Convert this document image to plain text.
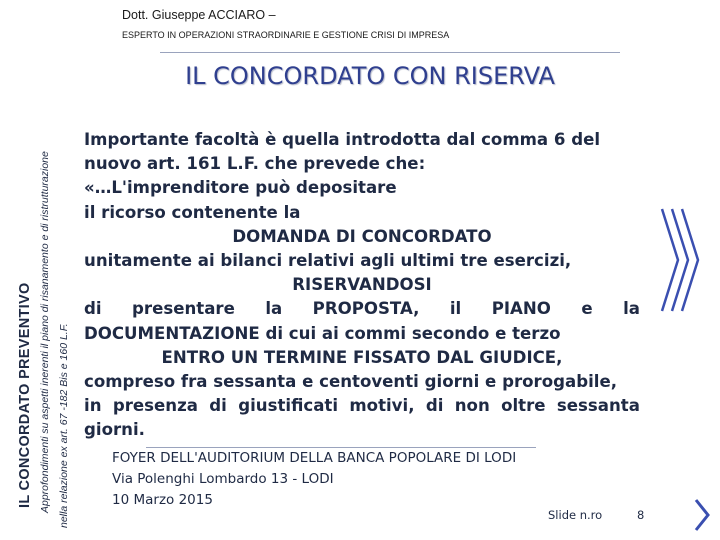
IL CONCORDATO PREVENTIVO Approfondimenti su aspetti inerenti il piano di risanamento e di ristrutturazione nella relazione ex art. 67 -182 Bis e 160 L.F.
Dott. Giuseppe ACCIARO –
ESPERTO IN OPERAZIONI STRAORDINARIE E GESTIONE CRISI DI IMPRESA
IL CONCORDATO CON RISERVA

Importante facoltà è quella introdotta dal comma 6 del

nuovo art. 161 L.F. che prevede che:

«…L'imprenditore può depositare

il ricorso contenente la

DOMANDA DI CONCORDATO

unitamente ai bilanci relativi agli ultimi tre esercizi,

RISERVANDOSI

di presentare la PROPOSTA, il PIANO e la

DOCUMENTAZIONE di cui ai commi secondo e terzo

ENTRO UN TERMINE FISSATO DAL GIUDICE,

compreso fra sessanta e centoventi giorni e prorogabile,

in presenza di giustificati motivi, di non oltre sessanta

giorni.

FOYER DELL'AUDITORIUM DELLA BANCA POPOLARE DI LODI
Via Polenghi Lombardo 13 - LODI
10 Marzo 2015
Slide n.ro	8
